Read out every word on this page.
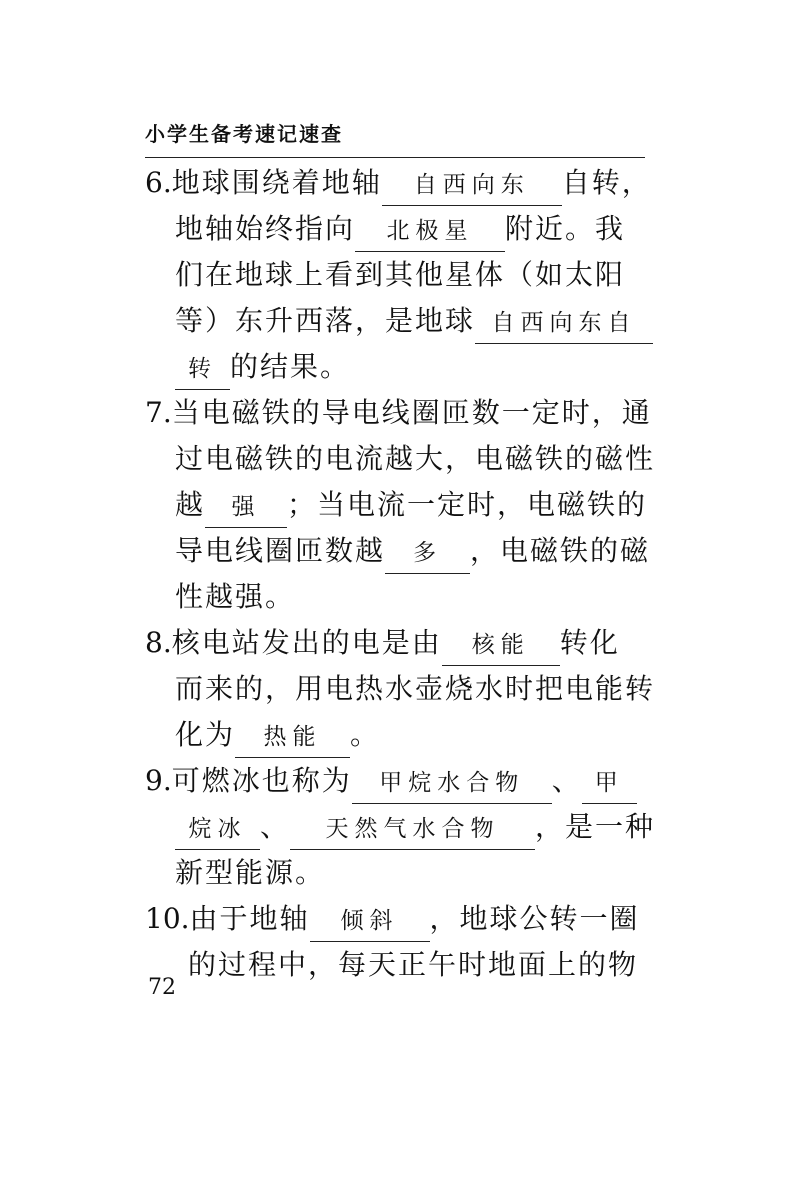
小学生备考速记速查
6.地球围绕着地轴 自西向东 自转，
地轴始终指向 北极星 附近。我
们在地球上看到其他星体（如太阳
等）东升西落，是地球 自西向东自
转 的结果。
7.当电磁铁的导电线圈匝数一定时，通
过电磁铁的电流越大，电磁铁的磁性
越 强 ；当电流一定时，电磁铁的
导电线圈匝数越 多 ，电磁铁的磁
性越强。
8.核电站发出的电是由 核能 转化
而来的，用电热水壶烧水时把电能转
化为 热能 。
9.可燃冰也称为 甲烷水合物 、 甲
烷冰 、 天然气水合物 ，是一种
新型能源。
10.由于地轴 倾斜 ，地球公转一圈
的过程中，每天正午时地面上的物
72
